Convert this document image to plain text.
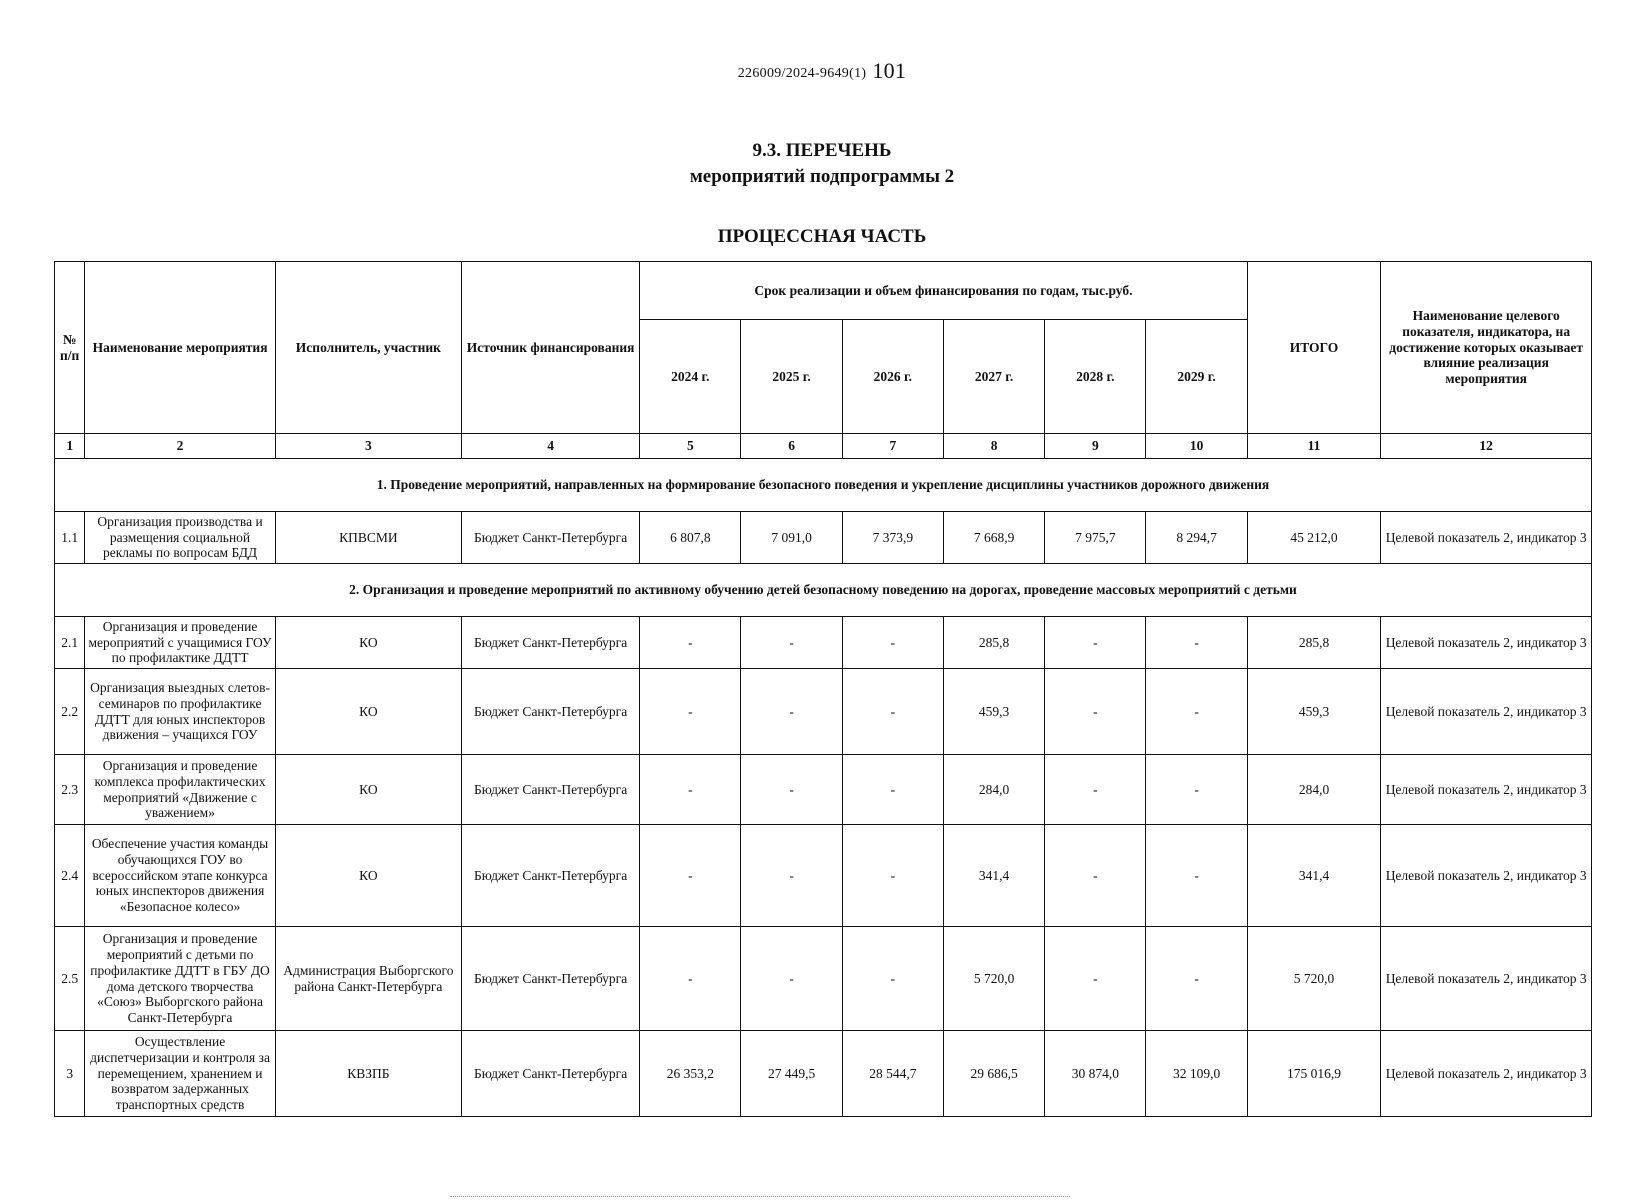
226009/2024-9649(1) 101
9.3. ПЕРЕЧЕНЬ
мероприятий подпрограммы 2
ПРОЦЕССНАЯ ЧАСТЬ
№ п/п	Наименование мероприятия	Исполнитель, участник	Источник финансирования	Срок реализации и объем финансирования по годам, тыс.руб.						ИТОГО	Наименование целевого показателя, индикатора, на достижение которых оказывает влияние реализация мероприятия
				2024 г.	2025 г.	2026 г.	2027 г.	2028 г.	2029 г.		
1	2	3	4	5	6	7	8	9	10	11	12
1. Проведение мероприятий, направленных на формирование безопасного поведения и укрепление дисциплины участников дорожного движения											
1.1	Организация производства и размещения социальной рекламы по вопросам БДД	КПВСМИ	Бюджет Санкт-Петербурга	6 807,8	7 091,0	7 373,9	7 668,9	7 975,7	8 294,7	45 212,0	Целевой показатель 2, индикатор 3
2. Организация и проведение мероприятий по активному обучению детей безопасному поведению на дорогах, проведение массовых мероприятий с детьми											
2.1	Организация и проведение мероприятий с учащимися ГОУ по профилактике ДДТТ	КО	Бюджет Санкт-Петербурга	-	-	-	285,8	-	-	285,8	Целевой показатель 2, индикатор 3
2.2	Организация выездных слетов-семинаров по профилактике ДДТТ для юных инспекторов движения – учащихся ГОУ	КО	Бюджет Санкт-Петербурга	-	-	-	459,3	-	-	459,3	Целевой показатель 2, индикатор 3
2.3	Организация и проведение комплекса профилактических мероприятий «Движение с уважением»	КО	Бюджет Санкт-Петербурга	-	-	-	284,0	-	-	284,0	Целевой показатель 2, индикатор 3
2.4	Обеспечение участия команды обучающихся ГОУ во всероссийском этапе конкурса юных инспекторов движения «Безопасное колесо»	КО	Бюджет Санкт-Петербурга	-	-	-	341,4	-	-	341,4	Целевой показатель 2, индикатор 3
2.5	Организация и проведение мероприятий с детьми по профилактике ДДТТ в ГБУ ДО дома детского творчества «Союз» Выборгского района Санкт-Петербурга	Администрация Выборгского района Санкт-Петербурга	Бюджет Санкт-Петербурга	-	-	-	5 720,0	-	-	5 720,0	Целевой показатель 2, индикатор 3
3	Осуществление диспетчеризации и контроля за перемещением, хранением и возвратом задержанных транспортных средств	КВЗПБ	Бюджет Санкт-Петербурга	26 353,2	27 449,5	28 544,7	29 686,5	30 874,0	32 109,0	175 016,9	Целевой показатель 2, индикатор 3
